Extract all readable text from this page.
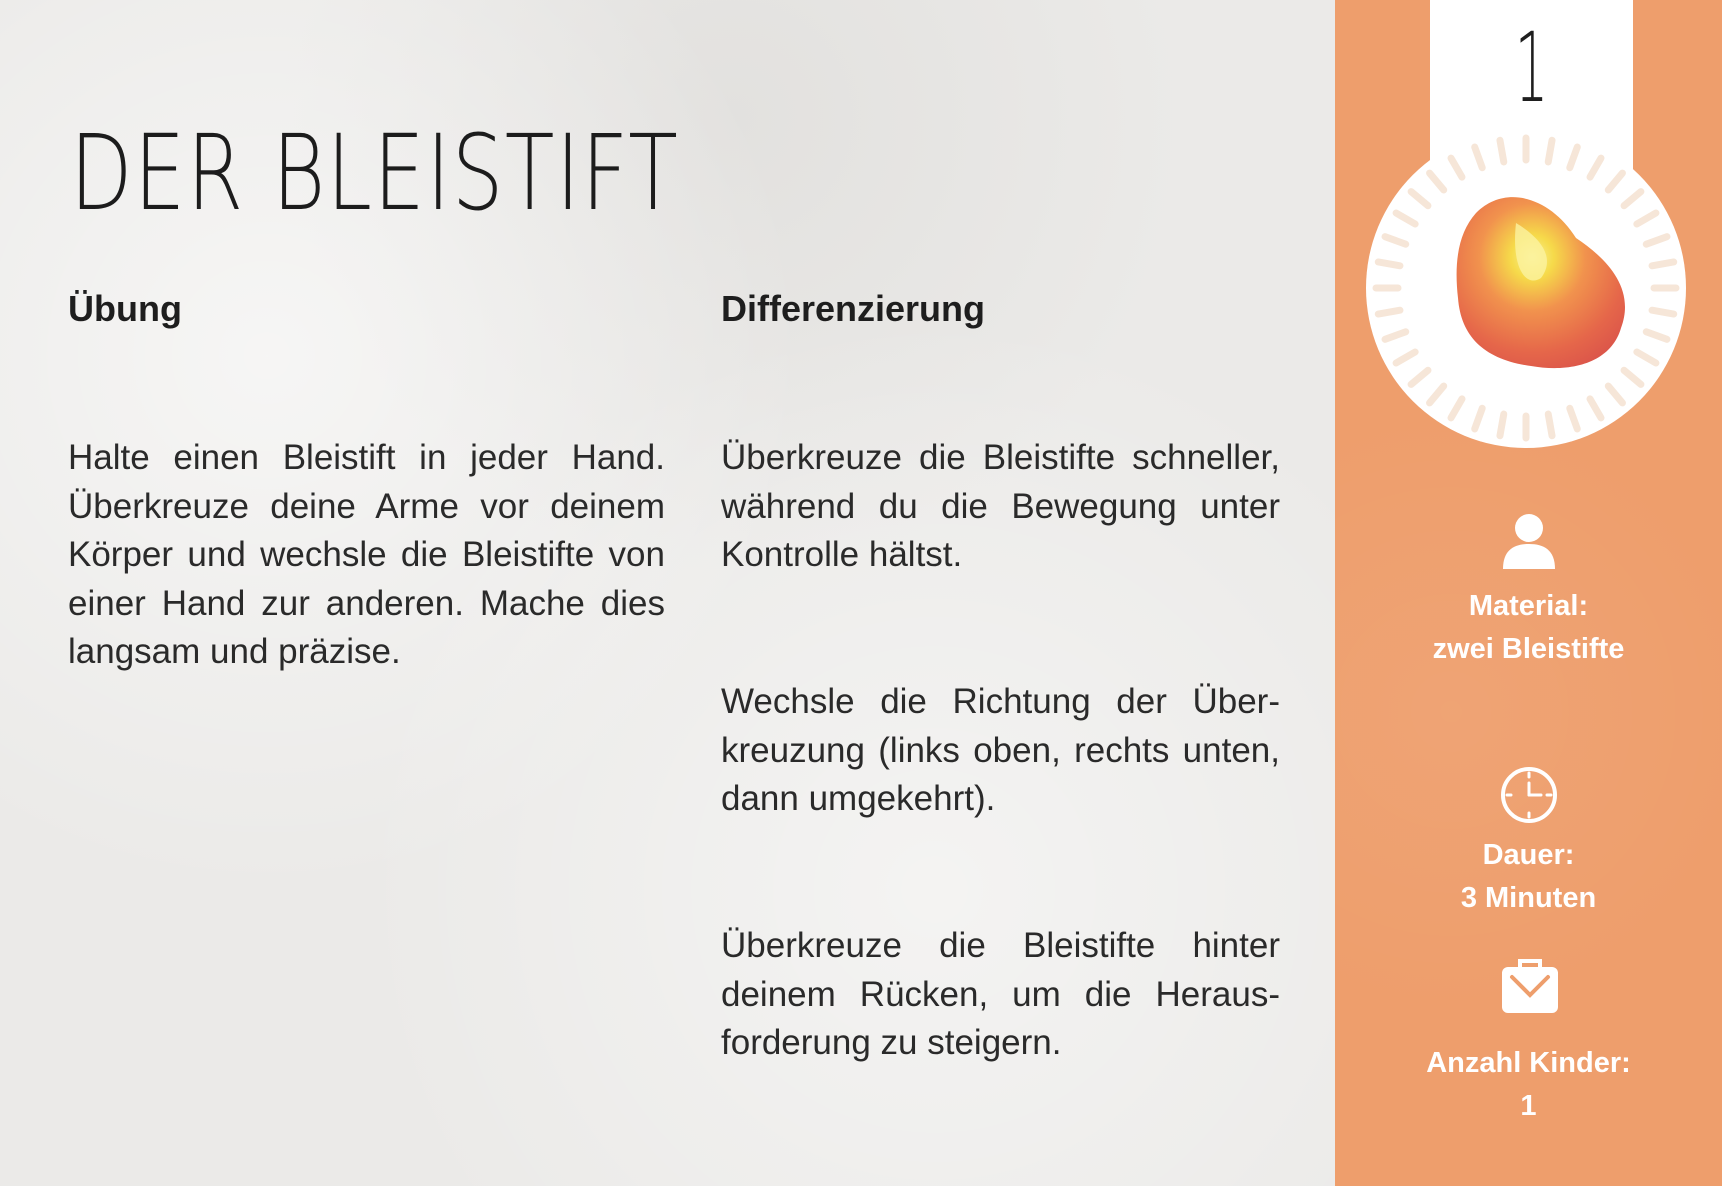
DER BLEISTIFT
Übung

Halte einen Bleistift in jeder Hand. Überkreuze deine Arme vor deinem Körper und wechsle die Bleistifte von einer Hand zur anderen. Mache dies langsam und präzise.

Differenzierung

Überkreuze die Bleistifte schneller, während du die Bewegung unter Kontrolle hältst.

Wechsle die Richtung der Überkreuzung (links oben, rechts unten, dann umgekehrt).

Überkreuze die Bleistifte hinter deinem Rücken, um die Herausforderung zu steigern.

1
Material:
zwei Bleistifte
Dauer:
3 Minuten
Anzahl Kinder:
1
